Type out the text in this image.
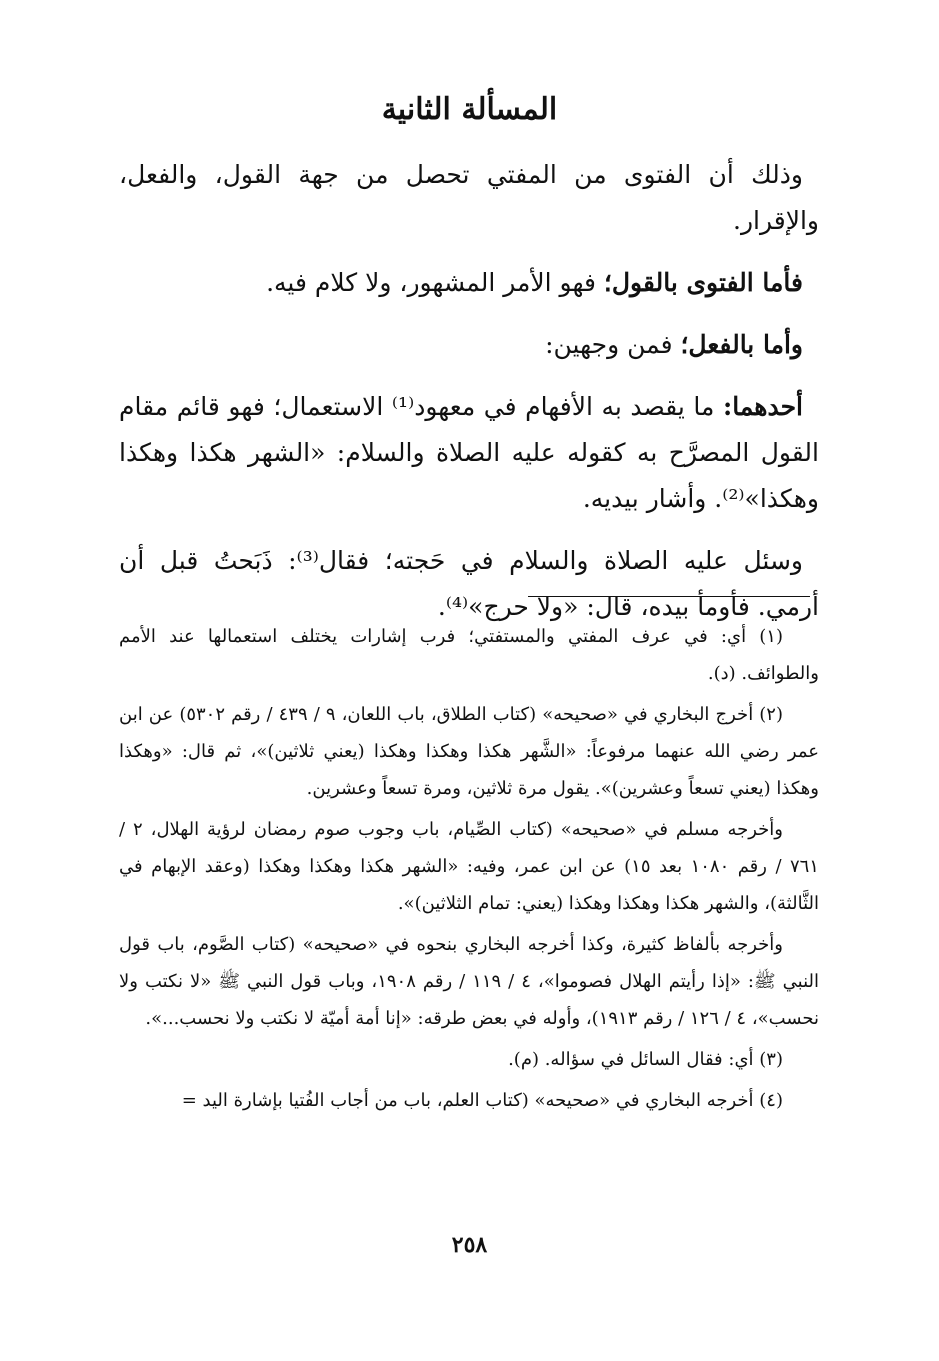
المسألة الثانية

وذلك أن الفتوى من المفتي تحصل من جهة القول، والفعل، والإقرار.

فأما الفتوى بالقول؛ فهو الأمر المشهور، ولا كلام فيه.

وأما بالفعل؛ فمن وجهين:

أحدهما: ما يقصد به الأفهام في معهود⁽¹⁾ الاستعمال؛ فهو قائم مقام القول المصرَّح به كقوله عليه الصلاة والسلام: «الشهر هكذا وهكذا وهكذا»⁽²⁾. وأشار بيديه.

وسئل عليه الصلاة والسلام في حَجته؛ فقال⁽³⁾: ذَبَحتُ قبل أن أرمي. فأومأ بيده، قال: «ولا حرج»⁽⁴⁾.

(١) أي: في عرف المفتي والمستفتي؛ فرب إشارات يختلف استعمالها عند الأمم والطوائف. (د).

(٢) أخرج البخاري في «صحيحه» (كتاب الطلاق، باب اللعان، ٩ / ٤٣٩ / رقم ٥٣٠٢) عن ابن عمر رضي الله عنهما مرفوعاً: «الشَّهر هكذا وهكذا وهكذا (يعني ثلاثين)»، ثم قال: «وهكذا وهكذا (يعني تسعاً وعشرين)». يقول مرة ثلاثين، ومرة تسعاً وعشرين.

وأخرجه مسلم في «صحيحه» (كتاب الصِّيام، باب وجوب صوم رمضان لرؤية الهلال، ٢ / ٧٦١ / رقم ١٠٨٠ بعد ١٥) عن ابن عمر، وفيه: «الشهر هكذا وهكذا وهكذا (وعقد الإبهام في الثَّالثة)، والشهر هكذا وهكذا وهكذا (يعني: تمام الثلاثين)».

وأخرجه بألفاظ كثيرة، وكذا أخرجه البخاري بنحوه في «صحيحه» (كتاب الصَّوم، باب قول النبي ﷺ: «إذا رأيتم الهلال فصوموا»، ٤ / ١١٩ / رقم ١٩٠٨، وباب قول النبي ﷺ «لا نكتب ولا نحسب»، ٤ / ١٢٦ / رقم ١٩١٣)، وأوله في بعض طرقه: «إنا أمة أميّة لا نكتب ولا نحسب...».

(٣) أي: فقال السائل في سؤاله. (م).

(٤) أخرجه البخاري في «صحيحه» (كتاب العلم، باب من أجاب الفُتيا بإشارة اليد =

٢٥٨
